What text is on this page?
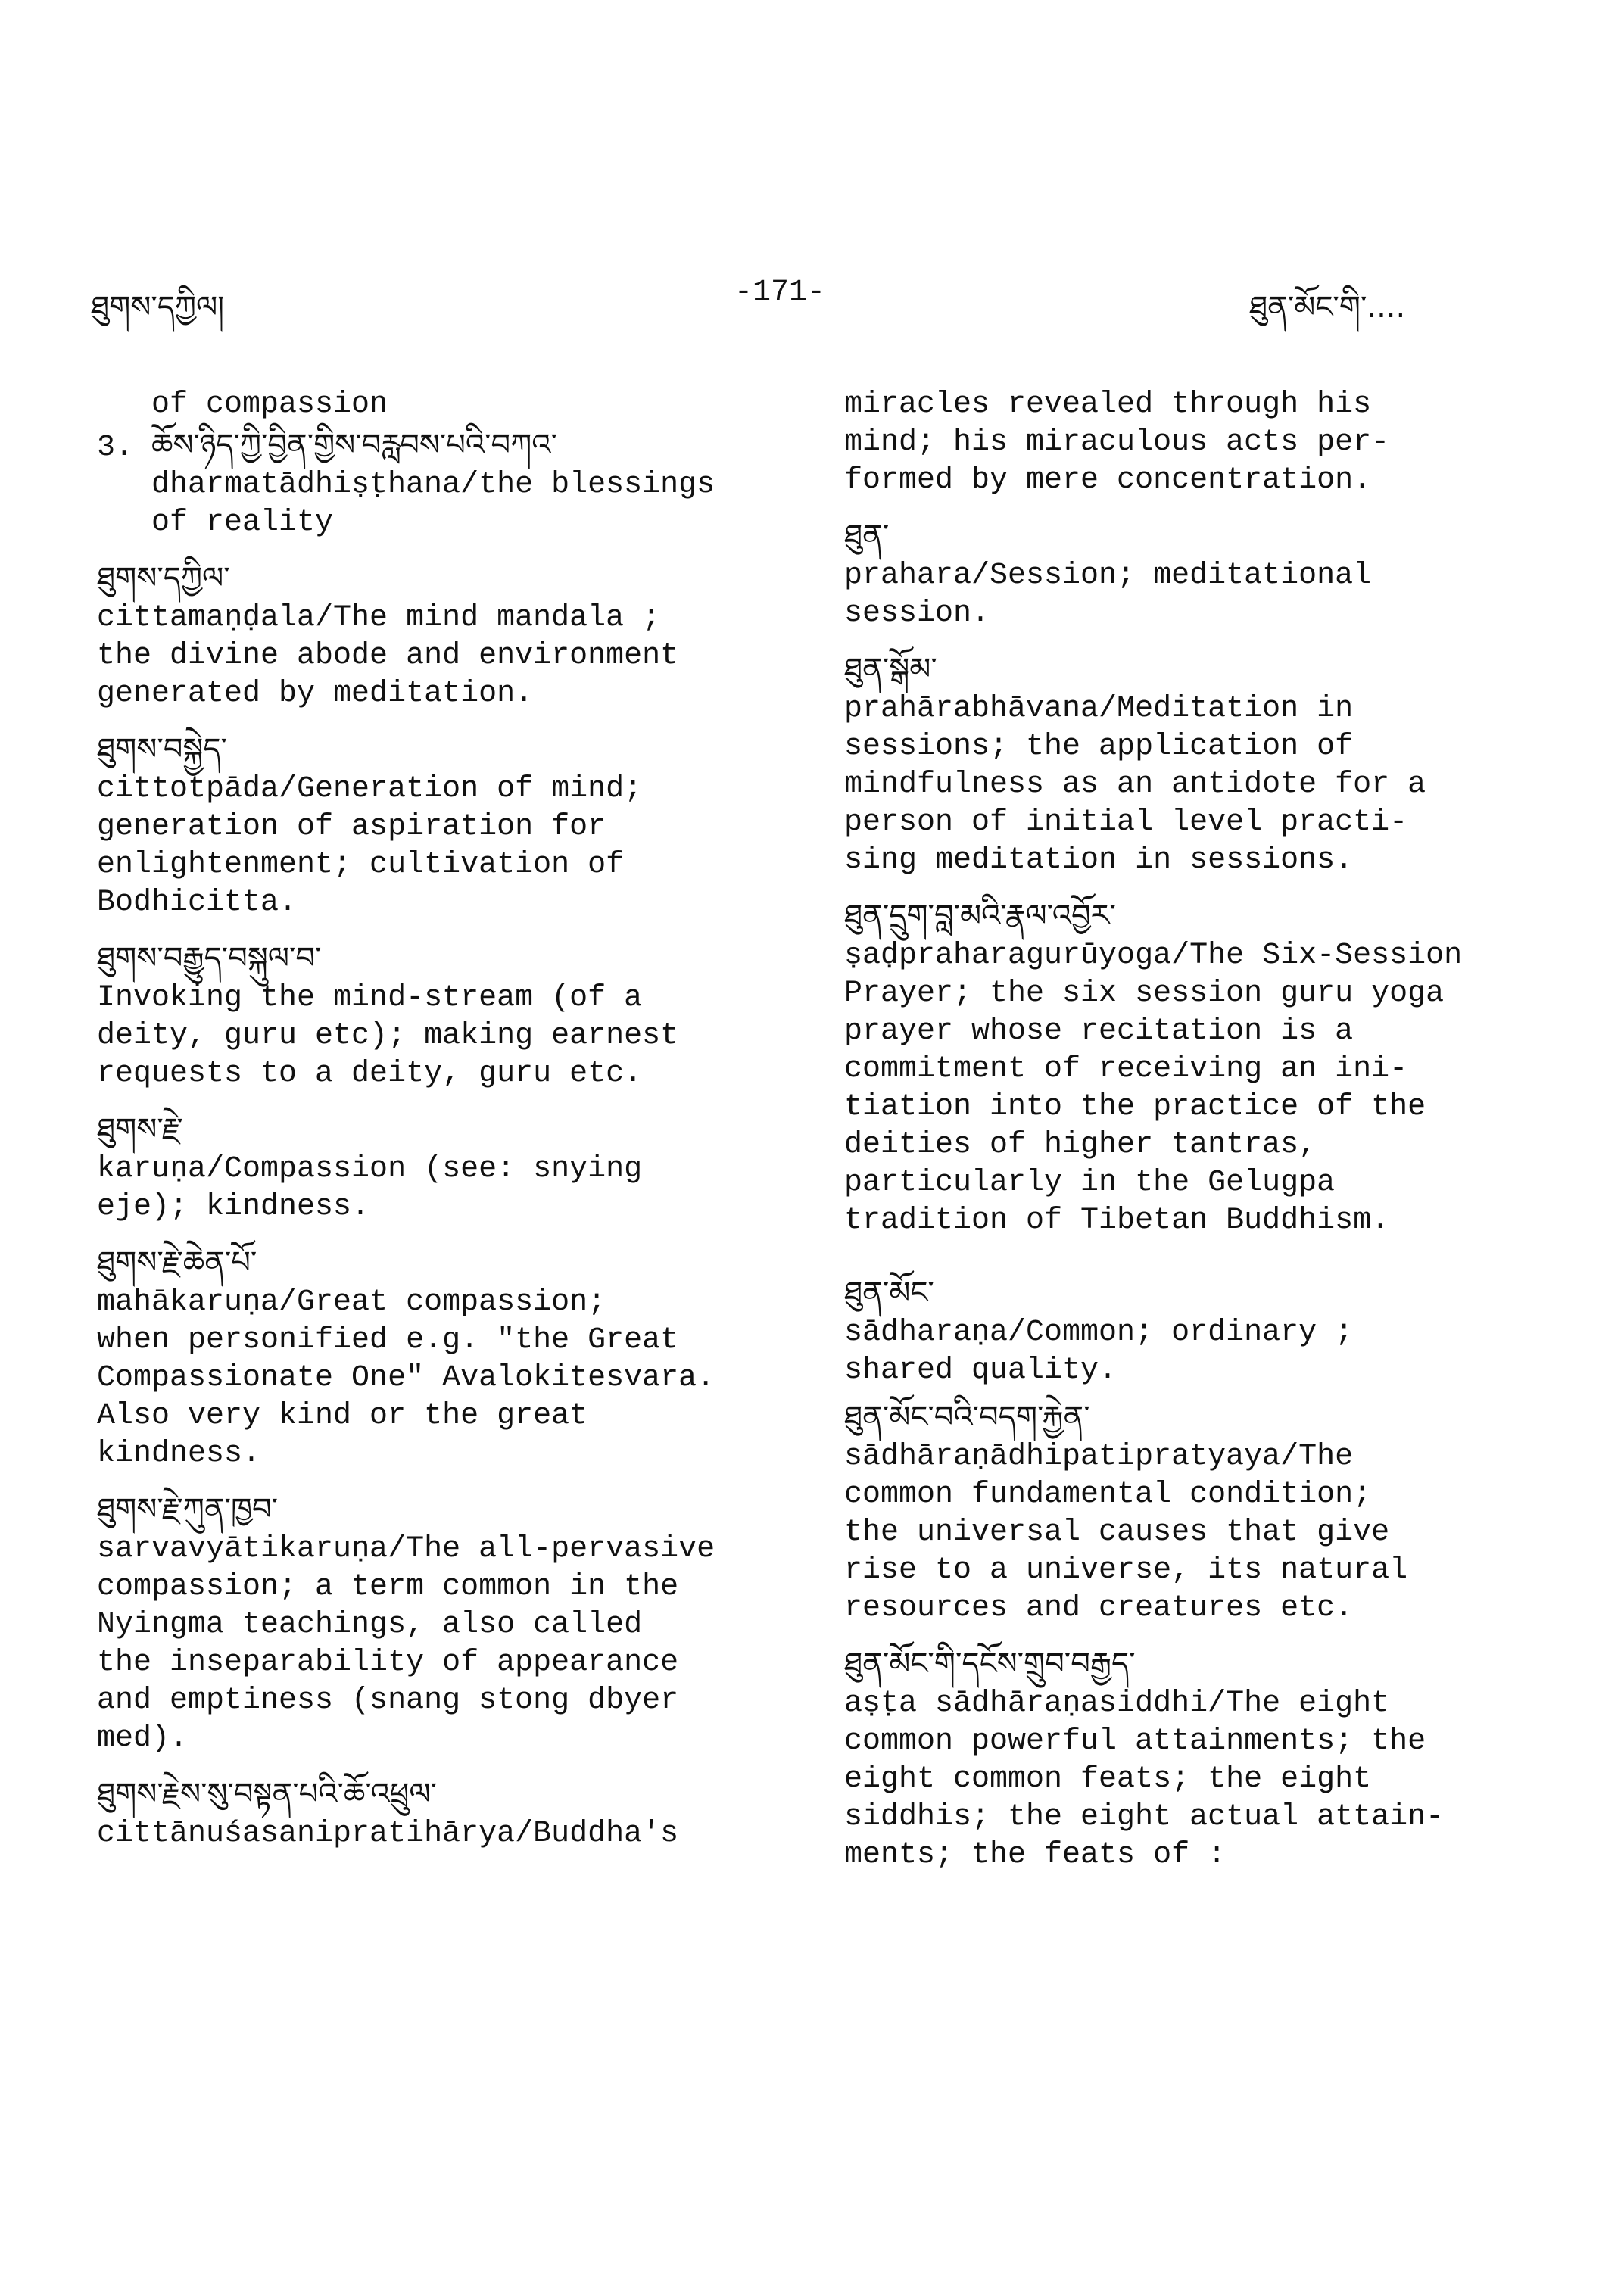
ཐུགས་དཀྱིལ།	-171-	ཐུན་མོང་གི་....
of compassion
3. ཆོས་ཉིད་ཀྱི་བྱིན་གྱིས་བརླབས་པའི་བཀའ་
dharmatādhiṣṭhana/the blessings
of reality
ཐུགས་དཀྱིལ་
cittamaṇḍala/The mind mandala ;
the divine abode and environment
generated by meditation.
ཐུགས་བསྐྱེད་
cittotpāda/Generation of mind;
generation of aspiration for
enlightenment; cultivation of
Bodhicitta.
ཐུགས་བརྒྱུད་བསྐུལ་བ་
Invoking the mind-stream (of a
deity, guru etc); making earnest
requests to a deity, guru etc.
ཐུགས་རྗེ་
karuṇa/Compassion (see: snying
eje); kindness.
ཐུགས་རྗེ་ཆེན་པོ་
mahākaruṇa/Great compassion;
when personified e.g. "the Great
Compassionate One" Avalokitesvara.
Also very kind or the great
kindness.
ཐུགས་རྗེ་ཀུན་ཁྱབ་
sarvavyātikaruṇa/The all-pervasive
compassion; a term common in the
Nyingma teachings, also called
the inseparability of appearance
and emptiness (snang stong dbyer
med).
ཐུགས་རྗེས་སུ་བསྟན་པའི་ཆོ་འཕྲུལ་
cittānuśasanipratihārya/Buddha's
miracles revealed through his
mind; his miraculous acts per-
formed by mere concentration.
ཐུན་
prahara/Session; meditational
session.
ཐུན་སྒོམ་
prahārabhāvana/Meditation in
sessions; the application of
mindfulness as an antidote for a
person of initial level practi-
sing meditation in sessions.
ཐུན་དྲུག་བླ་མའི་རྣལ་འབྱོར་
ṣaḍpraharagurūyoga/The Six-Session
Prayer; the six session guru yoga
prayer whose recitation is a
commitment of receiving an ini-
tiation into the practice of the
deities of higher tantras,
particularly in the Gelugpa
tradition of Tibetan Buddhism.
ཐུན་མོང་
sādharaṇa/Common; ordinary ;
shared quality.
ཐུན་མོང་བའི་བདག་རྐྱེན་
sādhāraṇādhipatipratyaya/The
common fundamental condition;
the universal causes that give
rise to a universe, its natural
resources and creatures etc.
ཐུན་མོང་གི་དངོས་གྲུབ་བརྒྱད་
aṣṭa sādhāraṇasiddhi/The eight
common powerful attainments; the
eight common feats; the eight
siddhis; the eight actual attain-
ments; the feats of :
